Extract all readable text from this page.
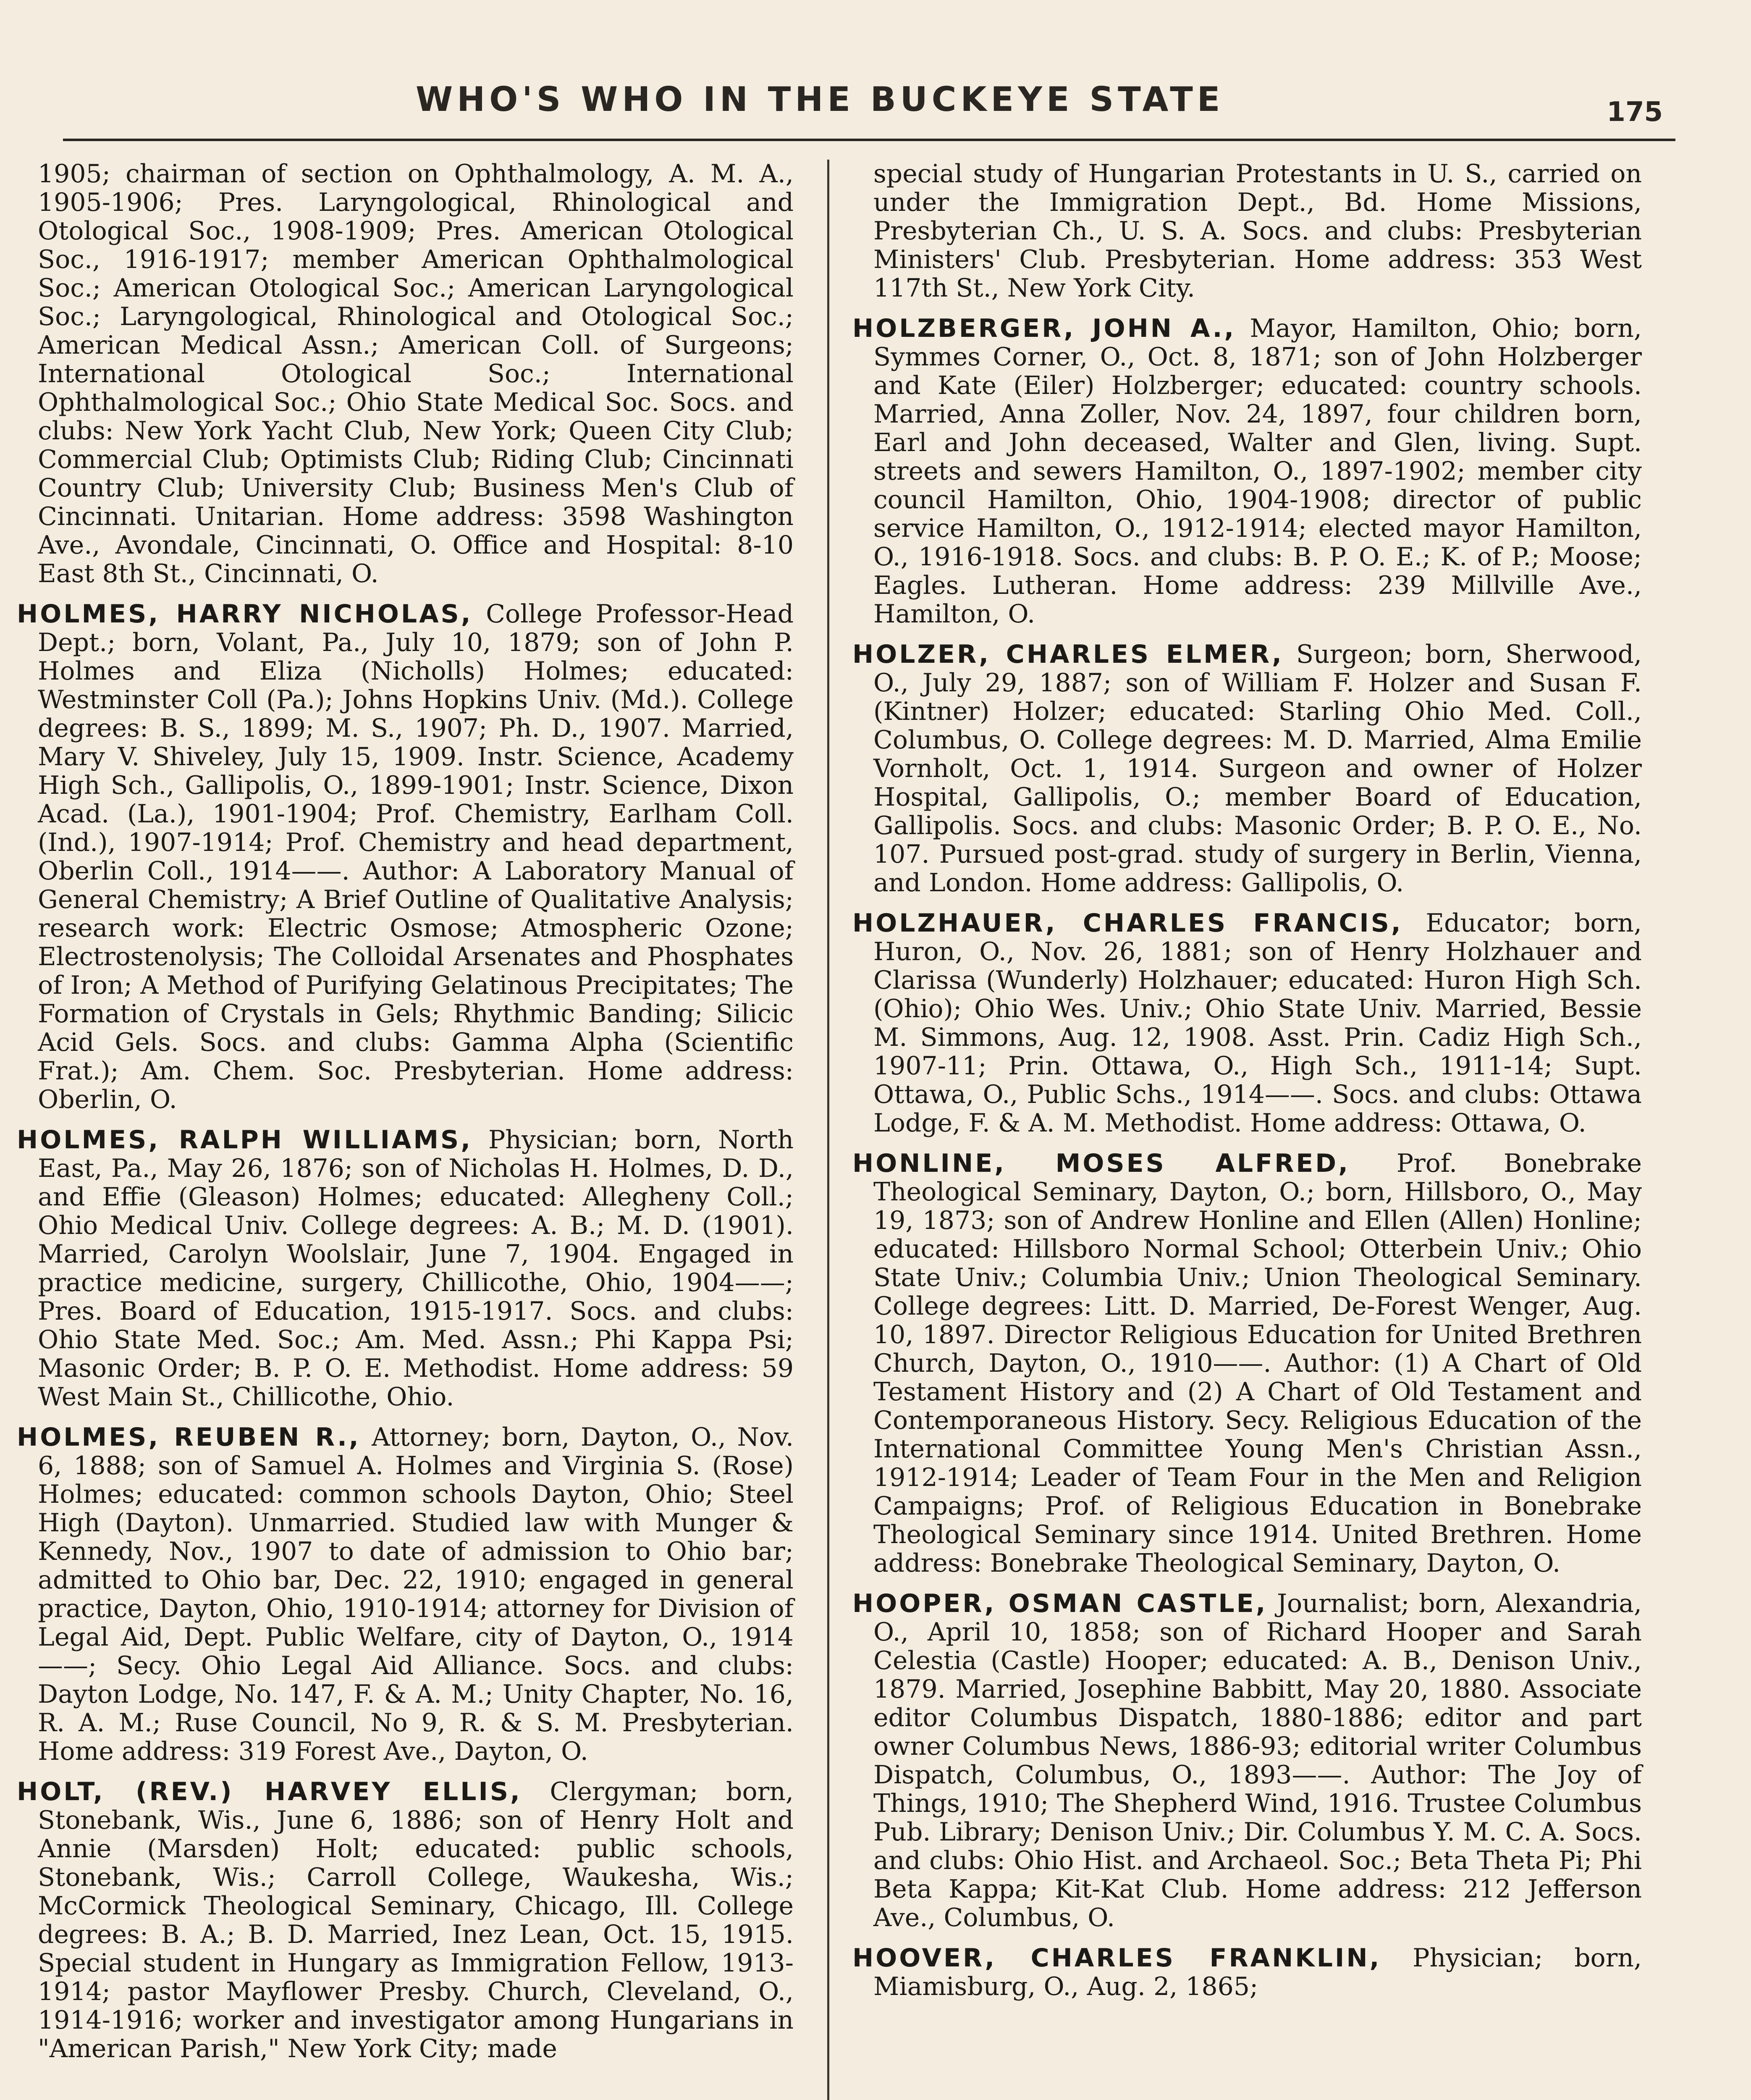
WHO'S WHO IN THE BUCKEYE STATE	175

1905; chairman of section on Ophthalmology, A. M. A., 1905-1906; Pres. Laryngological, Rhinological and Otological Soc., 1908-1909; Pres. American Otological Soc., 1916-1917; member American Ophthalmological Soc.; American Otological Soc.; American Laryngological Soc.; Laryngological, Rhinological and Otological Soc.; American Medical Assn.; American Coll. of Surgeons; International Otological Soc.; International Ophthalmological Soc.; Ohio State Medical Soc. Socs. and clubs: New York Yacht Club, New York; Queen City Club; Commercial Club; Optimists Club; Riding Club; Cincinnati Country Club; University Club; Business Men's Club of Cincinnati. Unitarian. Home address: 3598 Washington Ave., Avondale, Cincinnati, O. Office and Hospital: 8-10 East 8th St., Cincinnati, O.

HOLMES, HARRY NICHOLAS, College Professor-Head Dept.; born, Volant, Pa., July 10, 1879; son of John P. Holmes and Eliza (Nicholls) Holmes; educated: Westminster Coll (Pa.); Johns Hopkins Univ. (Md.). College degrees: B. S., 1899; M. S., 1907; Ph. D., 1907. Married, Mary V. Shiveley, July 15, 1909. Instr. Science, Academy High Sch., Gallipolis, O., 1899-1901; Instr. Science, Dixon Acad. (La.), 1901-1904; Prof. Chemistry, Earlham Coll. (Ind.), 1907-1914; Prof. Chemistry and head department, Oberlin Coll., 1914——. Author: A Laboratory Manual of General Chemistry; A Brief Outline of Qualitative Analysis; research work: Electric Osmose; Atmospheric Ozone; Electrostenolysis; The Colloidal Arsenates and Phosphates of Iron; A Method of Purifying Gelatinous Precipitates; The Formation of Crystals in Gels; Rhythmic Banding; Silicic Acid Gels. Socs. and clubs: Gamma Alpha (Scientific Frat.); Am. Chem. Soc. Presbyterian. Home address: Oberlin, O.

HOLMES, RALPH WILLIAMS, Physician; born, North East, Pa., May 26, 1876; son of Nicholas H. Holmes, D. D., and Effie (Gleason) Holmes; educated: Allegheny Coll.; Ohio Medical Univ. College degrees: A. B.; M. D. (1901). Married, Carolyn Woolslair, June 7, 1904. Engaged in practice medicine, surgery, Chillicothe, Ohio, 1904——; Pres. Board of Education, 1915-1917. Socs. and clubs: Ohio State Med. Soc.; Am. Med. Assn.; Phi Kappa Psi; Masonic Order; B. P. O. E. Methodist. Home address: 59 West Main St., Chillicothe, Ohio.

HOLMES, REUBEN R., Attorney; born, Dayton, O., Nov. 6, 1888; son of Samuel A. Holmes and Virginia S. (Rose) Holmes; educated: common schools Dayton, Ohio; Steel High (Dayton). Unmarried. Studied law with Munger & Kennedy, Nov., 1907 to date of admission to Ohio bar; admitted to Ohio bar, Dec. 22, 1910; engaged in general practice, Dayton, Ohio, 1910-1914; attorney for Division of Legal Aid, Dept. Public Welfare, city of Dayton, O., 1914——; Secy. Ohio Legal Aid Alliance. Socs. and clubs: Dayton Lodge, No. 147, F. & A. M.; Unity Chapter, No. 16, R. A. M.; Ruse Council, No 9, R. & S. M. Presbyterian. Home address: 319 Forest Ave., Dayton, O.

HOLT, (REV.) HARVEY ELLIS, Clergyman; born, Stonebank, Wis., June 6, 1886; son of Henry Holt and Annie (Marsden) Holt; educated: public schools, Stonebank, Wis.; Carroll College, Waukesha, Wis.; McCormick Theological Seminary, Chicago, Ill. College degrees: B. A.; B. D. Married, Inez Lean, Oct. 15, 1915. Special student in Hungary as Immigration Fellow, 1913-1914; pastor Mayflower Presby. Church, Cleveland, O., 1914-1916; worker and investigator among Hungarians in "American Parish," New York City; made

special study of Hungarian Protestants in U. S., carried on under the Immigration Dept., Bd. Home Missions, Presbyterian Ch., U. S. A. Socs. and clubs: Presbyterian Ministers' Club. Presbyterian. Home address: 353 West 117th St., New York City.

HOLZBERGER, JOHN A., Mayor, Hamilton, Ohio; born, Symmes Corner, O., Oct. 8, 1871; son of John Holzberger and Kate (Eiler) Holzberger; educated: country schools. Married, Anna Zoller, Nov. 24, 1897, four children born, Earl and John deceased, Walter and Glen, living. Supt. streets and sewers Hamilton, O., 1897-1902; member city council Hamilton, Ohio, 1904-1908; director of public service Hamilton, O., 1912-1914; elected mayor Hamilton, O., 1916-1918. Socs. and clubs: B. P. O. E.; K. of P.; Moose; Eagles. Lutheran. Home address: 239 Millville Ave., Hamilton, O.

HOLZER, CHARLES ELMER, Surgeon; born, Sherwood, O., July 29, 1887; son of William F. Holzer and Susan F. (Kintner) Holzer; educated: Starling Ohio Med. Coll., Columbus, O. College degrees: M. D. Married, Alma Emilie Vornholt, Oct. 1, 1914. Surgeon and owner of Holzer Hospital, Gallipolis, O.; member Board of Education, Gallipolis. Socs. and clubs: Masonic Order; B. P. O. E., No. 107. Pursued post-grad. study of surgery in Berlin, Vienna, and London. Home address: Gallipolis, O.

HOLZHAUER, CHARLES FRANCIS, Educator; born, Huron, O., Nov. 26, 1881; son of Henry Holzhauer and Clarissa (Wunderly) Holzhauer; educated: Huron High Sch. (Ohio); Ohio Wes. Univ.; Ohio State Univ. Married, Bessie M. Simmons, Aug. 12, 1908. Asst. Prin. Cadiz High Sch., 1907-11; Prin. Ottawa, O., High Sch., 1911-14; Supt. Ottawa, O., Public Schs., 1914——. Socs. and clubs: Ottawa Lodge, F. & A. M. Methodist. Home address: Ottawa, O.

HONLINE, MOSES ALFRED, Prof. Bonebrake Theological Seminary, Dayton, O.; born, Hillsboro, O., May 19, 1873; son of Andrew Honline and Ellen (Allen) Honline; educated: Hillsboro Normal School; Otterbein Univ.; Ohio State Univ.; Columbia Univ.; Union Theological Seminary. College degrees: Litt. D. Married, De-Forest Wenger, Aug. 10, 1897. Director Religious Education for United Brethren Church, Dayton, O., 1910——. Author: (1) A Chart of Old Testament History and (2) A Chart of Old Testament and Contemporaneous History. Secy. Religious Education of the International Committee Young Men's Christian Assn., 1912-1914; Leader of Team Four in the Men and Religion Campaigns; Prof. of Religious Education in Bonebrake Theological Seminary since 1914. United Brethren. Home address: Bonebrake Theological Seminary, Dayton, O.

HOOPER, OSMAN CASTLE, Journalist; born, Alexandria, O., April 10, 1858; son of Richard Hooper and Sarah Celestia (Castle) Hooper; educated: A. B., Denison Univ., 1879. Married, Josephine Babbitt, May 20, 1880. Associate editor Columbus Dispatch, 1880-1886; editor and part owner Columbus News, 1886-93; editorial writer Columbus Dispatch, Columbus, O., 1893——. Author: The Joy of Things, 1910; The Shepherd Wind, 1916. Trustee Columbus Pub. Library; Denison Univ.; Dir. Columbus Y. M. C. A. Socs. and clubs: Ohio Hist. and Archaeol. Soc.; Beta Theta Pi; Phi Beta Kappa; Kit-Kat Club. Home address: 212 Jefferson Ave., Columbus, O.

HOOVER, CHARLES FRANKLIN, Physician; born, Miamisburg, O., Aug. 2, 1865;
